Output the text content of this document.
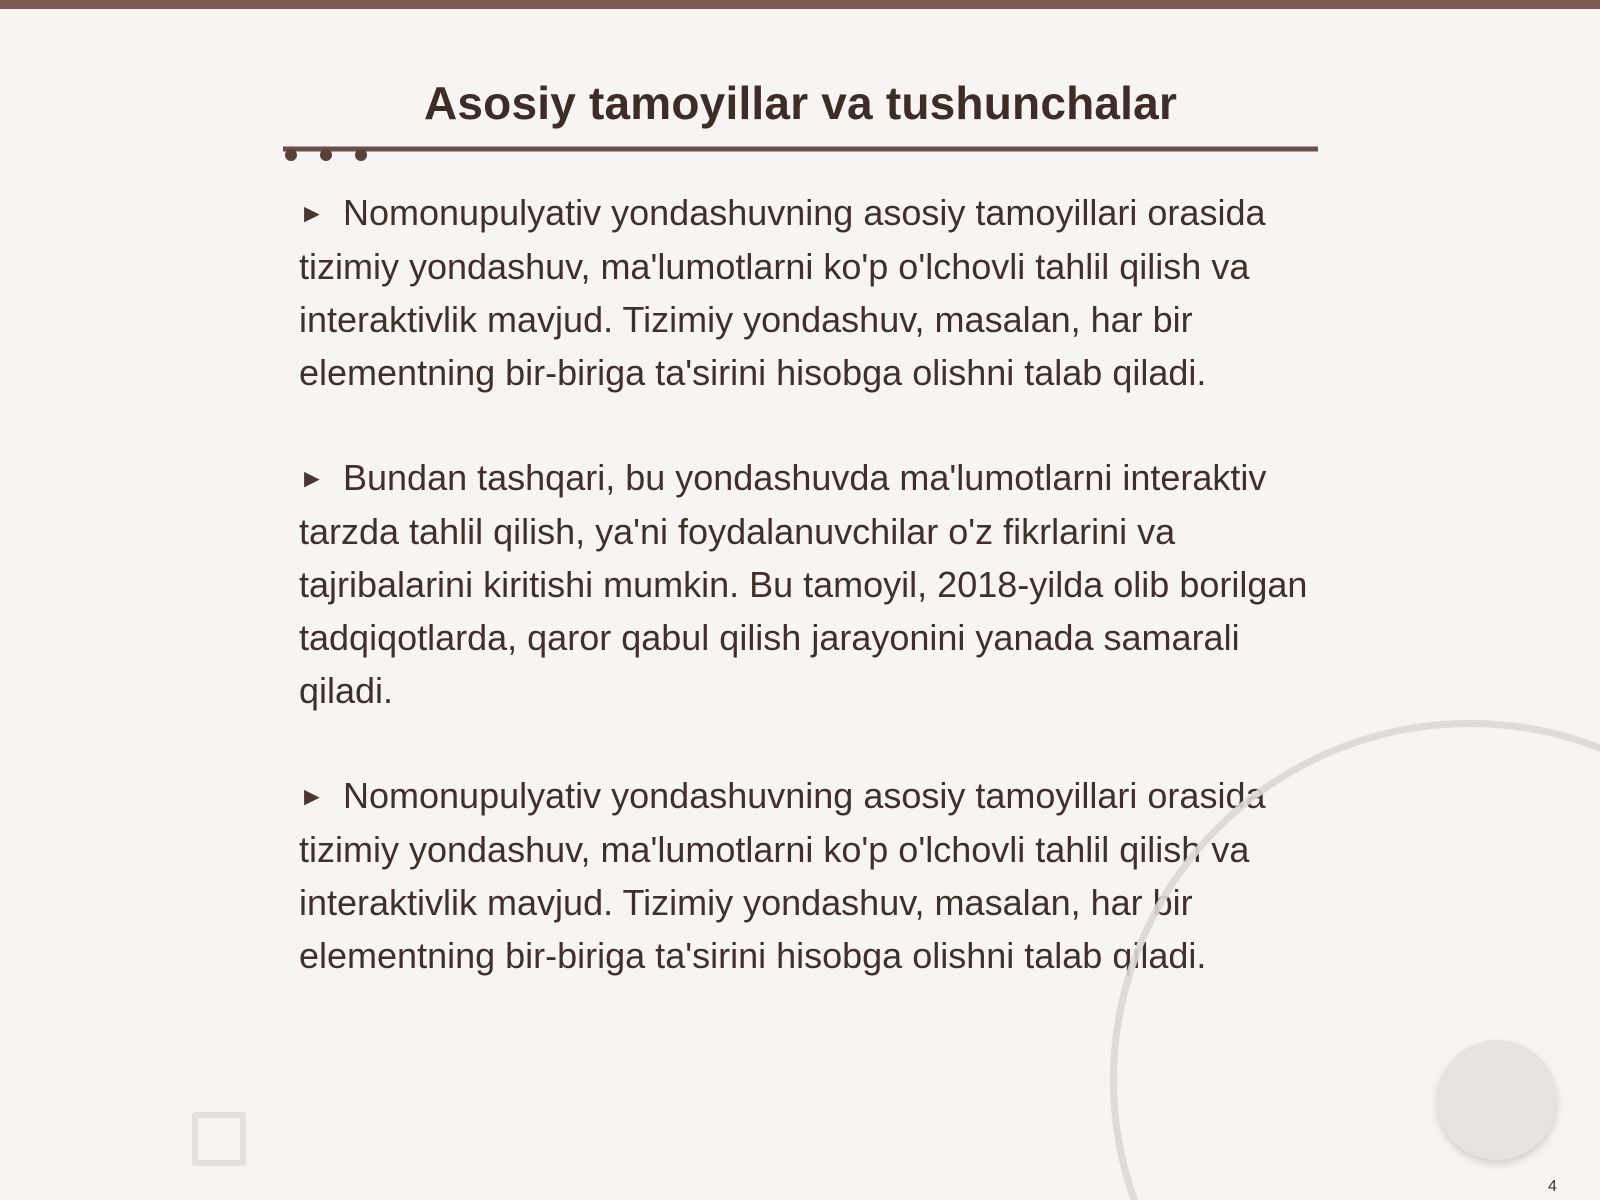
Asosiy tamoyillar va tushunchalar

► Nomonupulyativ yondashuvning asosiy tamoyillari orasida tizimiy yondashuv, ma'lumotlarni ko'p o'lchovli tahlil qilish va interaktivlik mavjud. Tizimiy yondashuv, masalan, har bir elementning bir-biriga ta'sirini hisobga olishni talab qiladi.

► Bundan tashqari, bu yondashuvda ma'lumotlarni interaktiv tarzda tahlil qilish, ya'ni foydalanuvchilar o'z fikrlarini va tajribalarini kiritishi mumkin. Bu tamoyil, 2018-yilda olib borilgan tadqiqotlarda, qaror qabul qilish jarayonini yanada samarali qiladi.

► Nomonupulyativ yondashuvning asosiy tamoyillari orasida tizimiy yondashuv, ma'lumotlarni ko'p o'lchovli tahlil qilish va interaktivlik mavjud. Tizimiy yondashuv, masalan, har bir elementning bir-biriga ta'sirini hisobga olishni talab qiladi.

4
